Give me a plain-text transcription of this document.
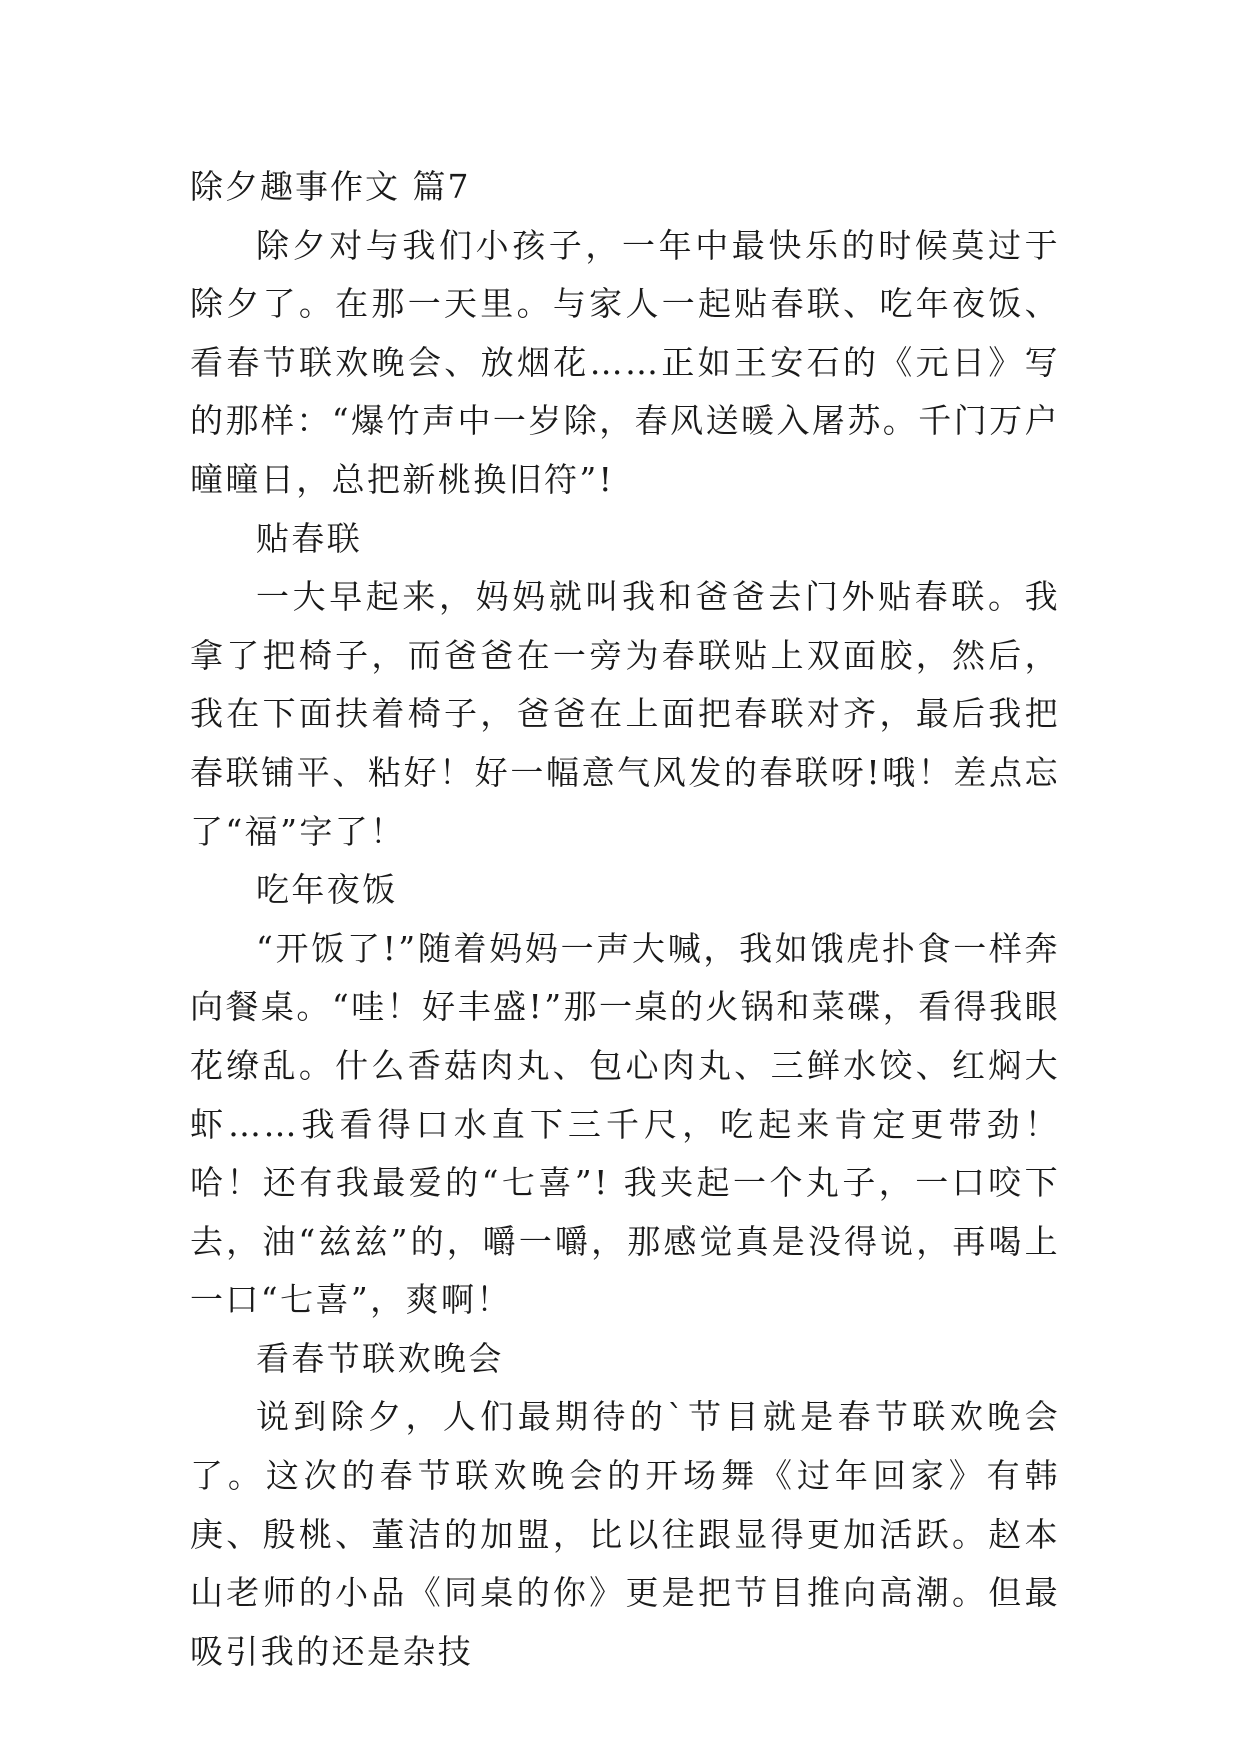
除夕趣事作文 篇7

除夕对与我们小孩子，一年中最快乐的时候莫过于除夕了。在那一天里。与家人一起贴春联、吃年夜饭、看春节联欢晚会、放烟花……正如王安石的《元日》写的那样：“爆竹声中一岁除，春风送暖入屠苏。千门万户曈曈日，总把新桃换旧符”!

贴春联

一大早起来，妈妈就叫我和爸爸去门外贴春联。我拿了把椅子，而爸爸在一旁为春联贴上双面胶，然后，我在下面扶着椅子，爸爸在上面把春联对齐，最后我把春联铺平、粘好！好一幅意气风发的春联呀!哦！差点忘了“福”字了！

吃年夜饭

“开饭了!”随着妈妈一声大喊，我如饿虎扑食一样奔向餐桌。“哇！好丰盛!”那一桌的火锅和菜碟，看得我眼花缭乱。什么香菇肉丸、包心肉丸、三鲜水饺、红焖大虾……我看得口水直下三千尺，吃起来肯定更带劲！哈！还有我最爱的“七喜”! 我夹起一个丸子，一口咬下去，油“兹兹”的，嚼一嚼，那感觉真是没得说，再喝上一口“七喜”，爽啊！

看春节联欢晚会

说到除夕，人们最期待的`节目就是春节联欢晚会了。这次的春节联欢晚会的开场舞《过年回家》有韩庚、殷桃、董洁的加盟，比以往跟显得更加活跃。赵本山老师的小品《同桌的你》更是把节目推向高潮。但最吸引我的还是杂技
